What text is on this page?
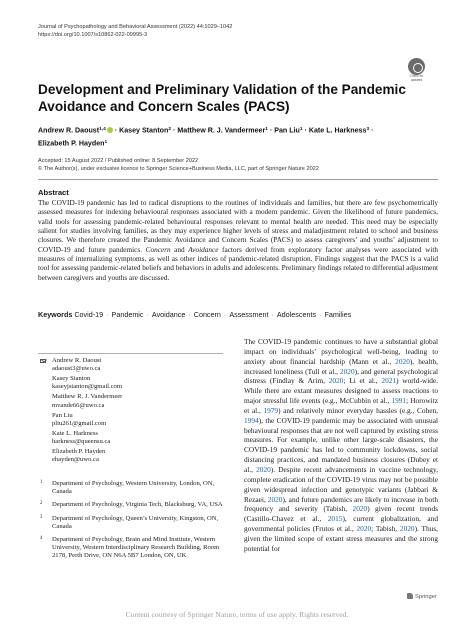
Journal of Psychopathology and Behavioral Assessment (2022) 44:1029–1042
https://doi.org/10.1007/s10862-022-09995-3
Check for updates
Development and Preliminary Validation of the Pandemic Avoidance and Concern Scales (PACS)
Andrew R. Daoust$^{1,4}$ · Kasey Stanton$^2$ · Matthew R. J. Vandermeer$^1$ · Pan Liu$^1$ · Kate L. Harkness$^3$ ·
Elizabeth P. Hayden$^1$
Accepted: 15 August 2022 / Published online: 8 September 2022
© The Author(s), under exclusive licence to Springer Science+Business Media, LLC, part of Springer Nature 2022
Abstract
The COVID-19 pandemic has led to radical disruptions to the routines of individuals and families, but there are few psychometrically assessed measures for indexing behavioural responses associated with a modern pandemic. Given the likelihood of future pandemics, valid tools for assessing pandemic-related behavioural responses relevant to mental health are needed. This need may be especially salient for studies involving families, as they may experience higher levels of stress and maladjustment related to school and business closures. We therefore created the Pandemic Avoidance and Concern Scales (PACS) to assess caregivers’ and youths’ adjustment to COVID-19 and future pandemics. Concern and Avoidance factors derived from exploratory factor analyses were associated with measures of internalizing symptoms, as well as other indices of pandemic-related disruption. Findings suggest that the PACS is a valid tool for assessing pandemic-related beliefs and behaviors in adults and adolescents. Preliminary findings related to differential adjustment between caregivers and youths are discussed.
Keywords Covid-19 · Pandemic · Avoidance · Concern · Assessment · Adolescents · Families
Andrew R. Daoust
adaoust3@uwo.ca
Kasey Stanton
kaseyjstanton@gmail.com
Matthew R. J. Vandermeer
mvande66@uwo.ca
Pan Liu
pliu261@gmail.com
Kate L. Harkness
harkness@queensu.ca
Elizabeth P. Hayden
ehayden@uwo.ca
1 Department of Psychology, Western University, London, ON, Canada
2 Department of Psychology, Virginia Tech, Blacksburg, VA, USA
3 Department of Psychology, Queen’s University, Kingston, ON, Canada
4 Department of Psychology, Brain and Mind Institute, Western University, Western Interdisciplinary Research Building, Room 2178, Perth Drive, ON N6A 5B7 London, ON, UK
The COVID-19 pandemic continues to have a substantial global impact on individuals’ psychological well-being, leading to anxiety about financial hardship (Mann et al., 2020), health, increased loneliness (Tull et al., 2020), and general psychological distress (Findlay & Arim, 2020; Li et al., 2021) world-wide. While there are extant measures designed to assess reactions to major stressful life events (e.g., McCubbin et al., 1991; Horowitz et al., 1979) and relatively minor everyday hassles (e.g., Cohen, 1994), the COVID-19 pandemic may be associated with unusual behavioural responses that are not well captured by existing stress measures. For example, unlike other large-scale disasters, the COVID-19 pandemic has led to community lockdowns, social distancing practices, and mandated business closures (Dubey et al., 2020). Despite recent advancements in vaccine technology, complete eradication of the COVID-19 virus may not be possible given widespread infection and genotypic variants (Jabbari & Rezaei, 2020), and future pandemics are likely to increase in both frequency and severity (Tabish, 2020) given recent trends (Castillo-Chavez et al., 2015), current globalization, and governmental policies (Frutos et al., 2020; Tabish, 2020). Thus, given the limited scope of extant stress measures and the strong potential for
Springer
Content courtesy of Springer Nature, terms of use apply. Rights reserved.
